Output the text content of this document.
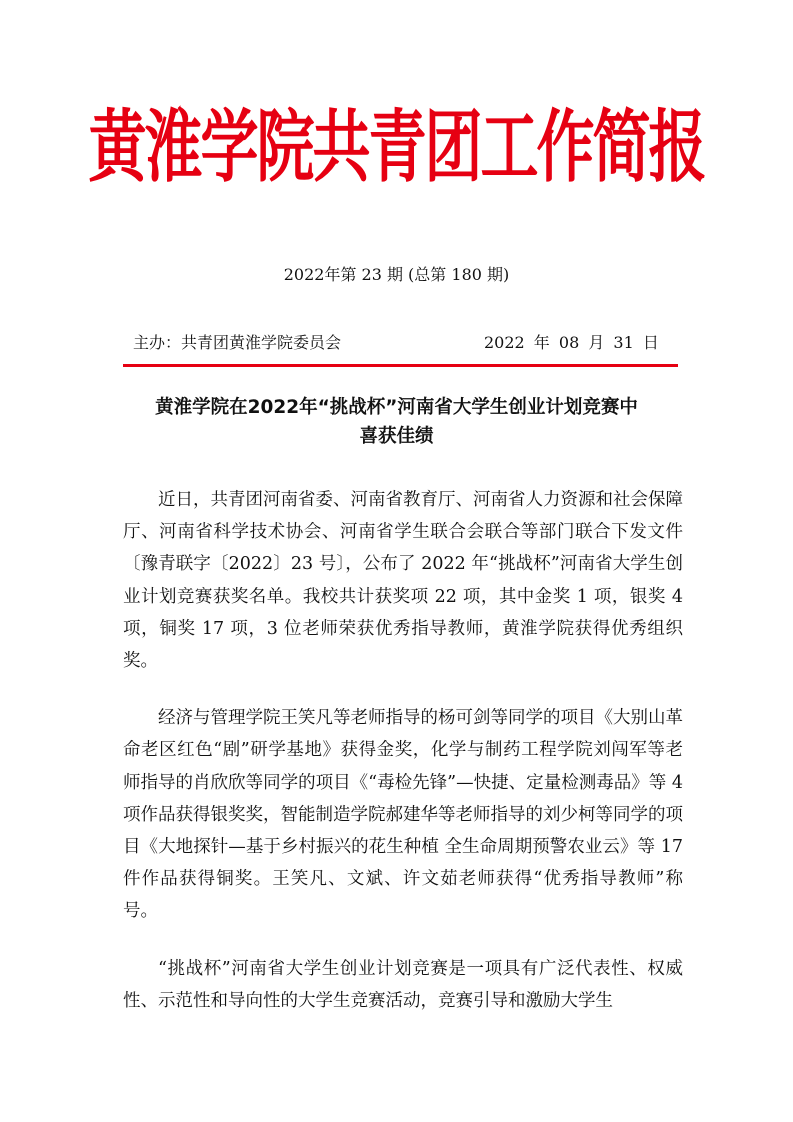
黄淮学院共青团工作简报
2022年第 23 期 (总第 180 期)
主办：共青团黄淮学院委员会	2022 年 08 月 31 日
黄淮学院在2022年“挑战杯”河南省大学生创业计划竞赛中
喜获佳绩

近日，共青团河南省委、河南省教育厅、河南省人力资源和社会保障厅、河南省科学技术协会、河南省学生联合会联合等部门联合下发文件〔豫青联字〔2022〕23 号〕，公布了 2022 年“挑战杯”河南省大学生创业计划竞赛获奖名单。我校共计获奖项 22 项，其中金奖 1 项，银奖 4 项，铜奖 17 项，3 位老师荣获优秀指导教师，黄淮学院获得优秀组织奖。

经济与管理学院王笑凡等老师指导的杨可剑等同学的项目《大别山革命老区红色“剧”研学基地》获得金奖，化学与制药工程学院刘闯军等老师指导的肖欣欣等同学的项目《“毒检先锋”—快捷、定量检测毒品》等 4 项作品获得银奖奖，智能制造学院郝建华等老师指导的刘少柯等同学的项目《大地探针—基于乡村振兴的花生种植 全生命周期预警农业云》等 17 件作品获得铜奖。王笑凡、文斌、许文茹老师获得“优秀指导教师”称号。

“挑战杯”河南省大学生创业计划竞赛是一项具有广泛代表性、权威性、示范性和导向性的大学生竞赛活动，竞赛引导和激励大学生
